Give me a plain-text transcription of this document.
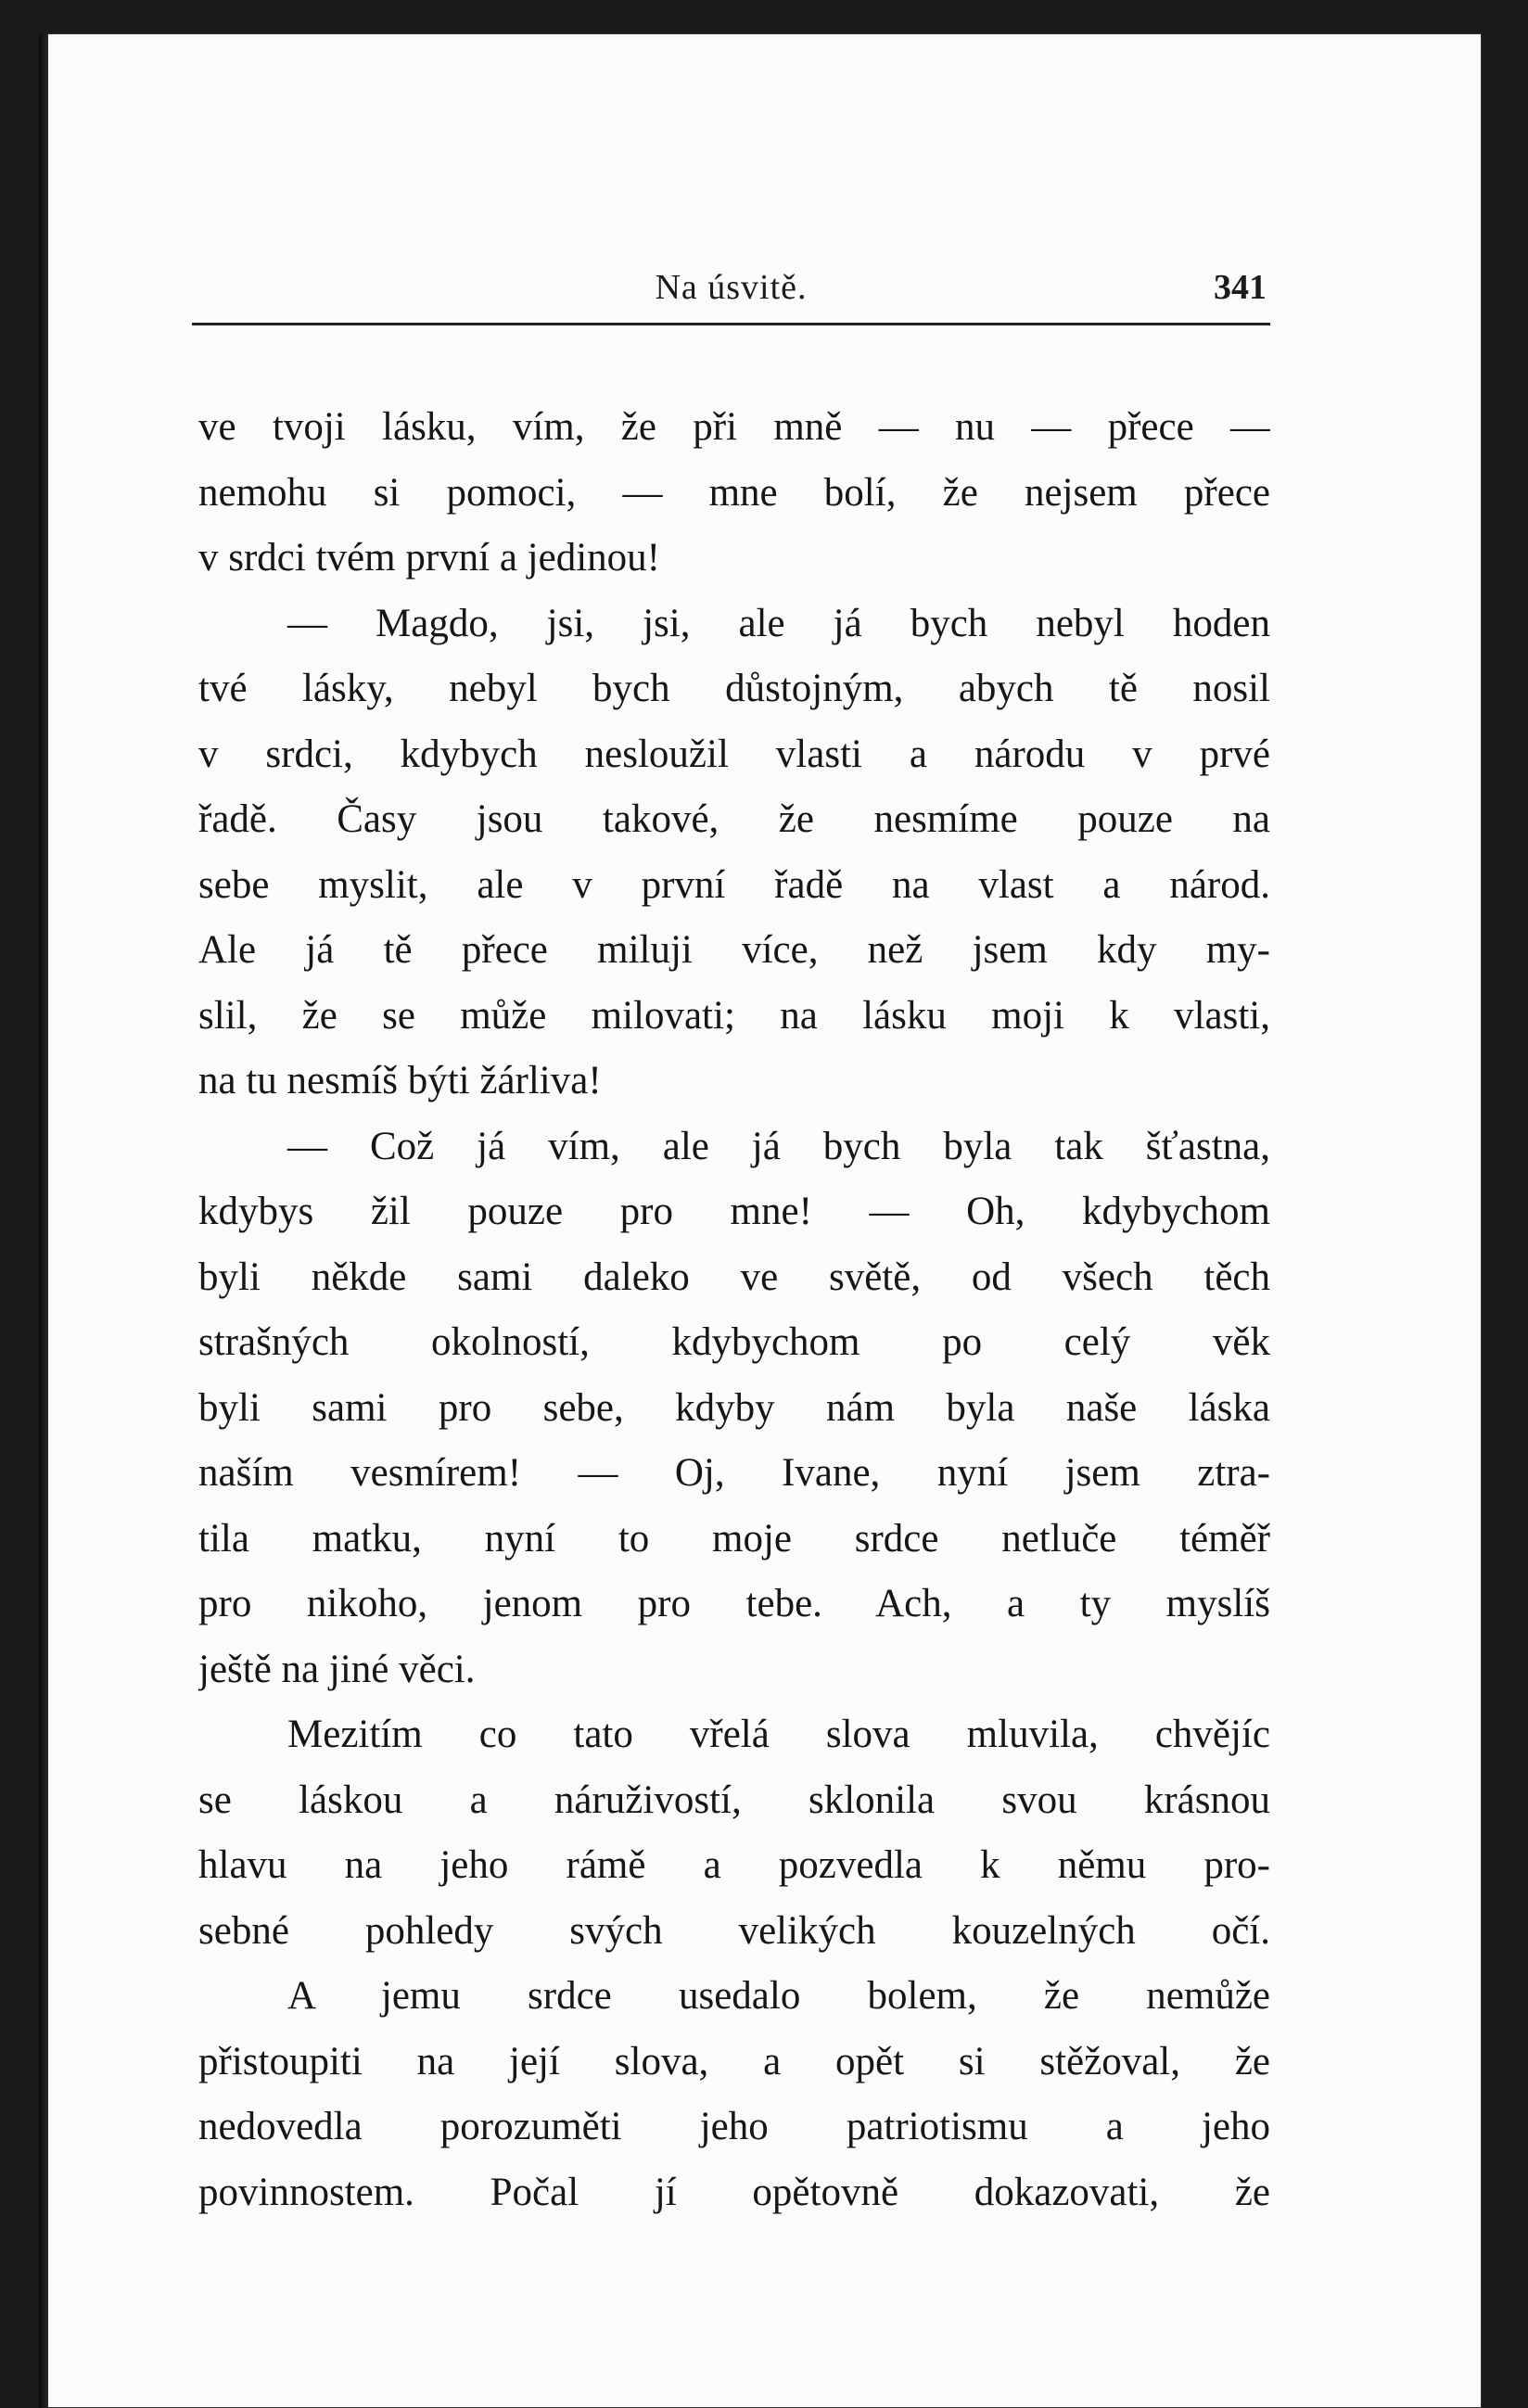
Na úsvitě.	341
ve tvoji lásku, vím, že při mně — nu — přece —
nemohu si pomoci, — mne bolí, že nejsem přece
v srdci tvém první a jedinou!
— Magdo, jsi, jsi, ale já bych nebyl hoden
tvé lásky, nebyl bych důstojným, abych tě nosil
v srdci, kdybych nesloužil vlasti a národu v prvé
řadě. Časy jsou takové, že nesmíme pouze na
sebe myslit, ale v první řadě na vlast a národ.
Ale já tě přece miluji více, než jsem kdy my-
slil, že se může milovati; na lásku moji k vlasti,
na tu nesmíš býti žárliva!
— Což já vím, ale já bych byla tak šťastna,
kdybys žil pouze pro mne! — Oh, kdybychom
byli někde sami daleko ve světě, od všech těch
strašných okolností, kdybychom po celý věk
byli sami pro sebe, kdyby nám byla naše láska
naším vesmírem! — Oj, Ivane, nyní jsem ztra-
tila matku, nyní to moje srdce netluče téměř
pro nikoho, jenom pro tebe. Ach, a ty myslíš
ještě na jiné věci.
Mezitím co tato vřelá slova mluvila, chvějíc
se láskou a náruživostí, sklonila svou krásnou
hlavu na jeho rámě a pozvedla k němu pro-
sebné pohledy svých velikých kouzelných očí.
A jemu srdce usedalo bolem, že nemůže
přistoupiti na její slova, a opět si stěžoval, že
nedovedla porozuměti jeho patriotismu a jeho
povinnostem. Počal jí opětovně dokazovati, že
